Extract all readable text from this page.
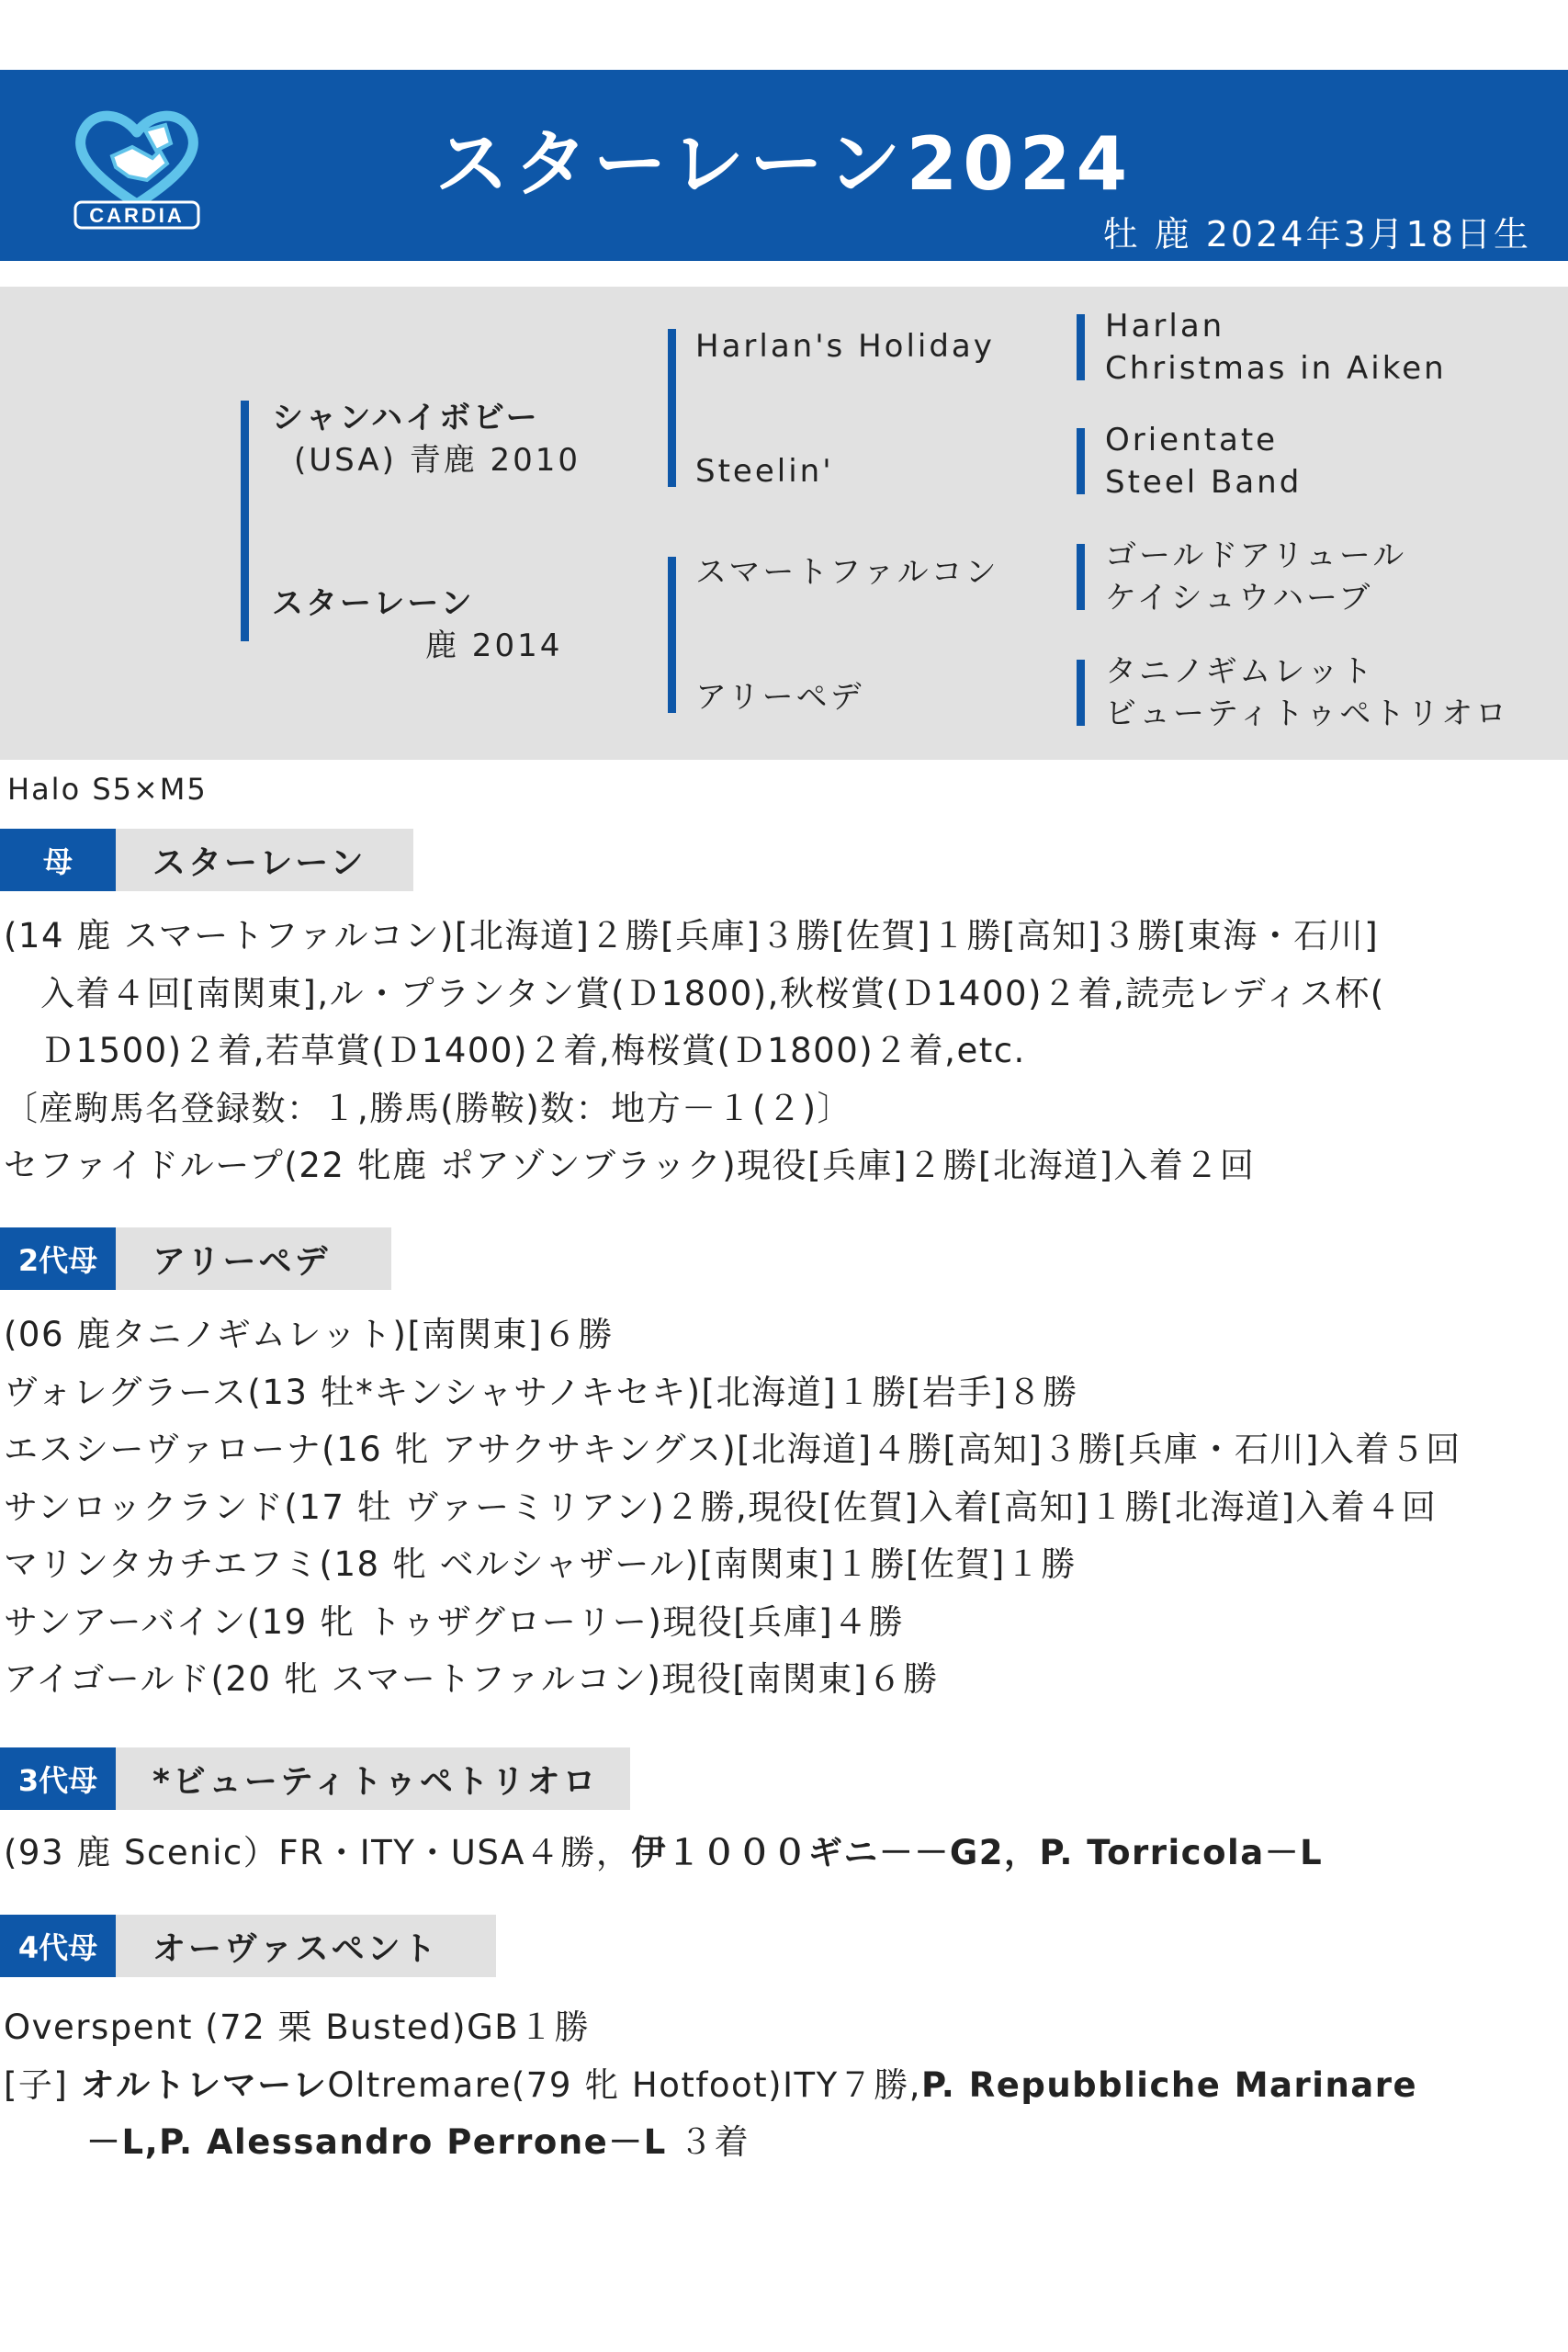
CARDIA
スターレーン2024
牡 鹿 2024年3月18日生
シャンハイボビー
(USA) 青鹿 2010
スターレーン
鹿 2014
Harlan's Holiday
Steelin'
スマートファルコン
アリーペデ
Harlan
Christmas in Aiken
Orientate
Steel Band
ゴールドアリュール
ケイシュウハーブ
タニノギムレット
ビューティトゥペトリオロ
Halo S5×M5
母	スターレーン
(14 鹿 スマートファルコン)[北海道]２勝[兵庫]３勝[佐賀]１勝[高知]３勝[東海・石川]
入着４回[南関東],ル・プランタン賞(Ｄ1800),秋桜賞(Ｄ1400)２着,読売レディス杯(
Ｄ1500)２着,若草賞(Ｄ1400)２着,梅桜賞(Ｄ1800)２着,etc.
〔産駒馬名登録数：１,勝馬(勝鞍)数：地方－１(２)〕
セファイドループ(22 牝鹿 ポアゾンブラック)現役[兵庫]２勝[北海道]入着２回
2代母	アリーペデ
(06 鹿タニノギムレット)[南関東]６勝
ヴォレグラース(13 牡*キンシャサノキセキ)[北海道]１勝[岩手]８勝
エスシーヴァローナ(16 牝 アサクサキングス)[北海道]４勝[高知]３勝[兵庫・石川]入着５回
サンロックランド(17 牡 ヴァーミリアン)２勝,現役[佐賀]入着[高知]１勝[北海道]入着４回
マリンタカチエフミ(18 牝 ベルシャザール)[南関東]１勝[佐賀]１勝
サンアーバイン(19 牝 トゥザグローリー)現役[兵庫]４勝
アイゴールド(20 牝 スマートファルコン)現役[南関東]６勝
3代母	*ビューティトゥペトリオロ
(93 鹿 Scenic）FR・ITY・USA４勝，伊１０００ギニ－－G2，P. Torricola－L
4代母	オーヴァスペント
Overspent (72 栗 Busted)GB１勝
[子] オルトレマーレOltremare(79 牝 Hotfoot)ITY７勝,P. Repubbliche Marinare
－L,P. Alessandro Perrone－L ３着
